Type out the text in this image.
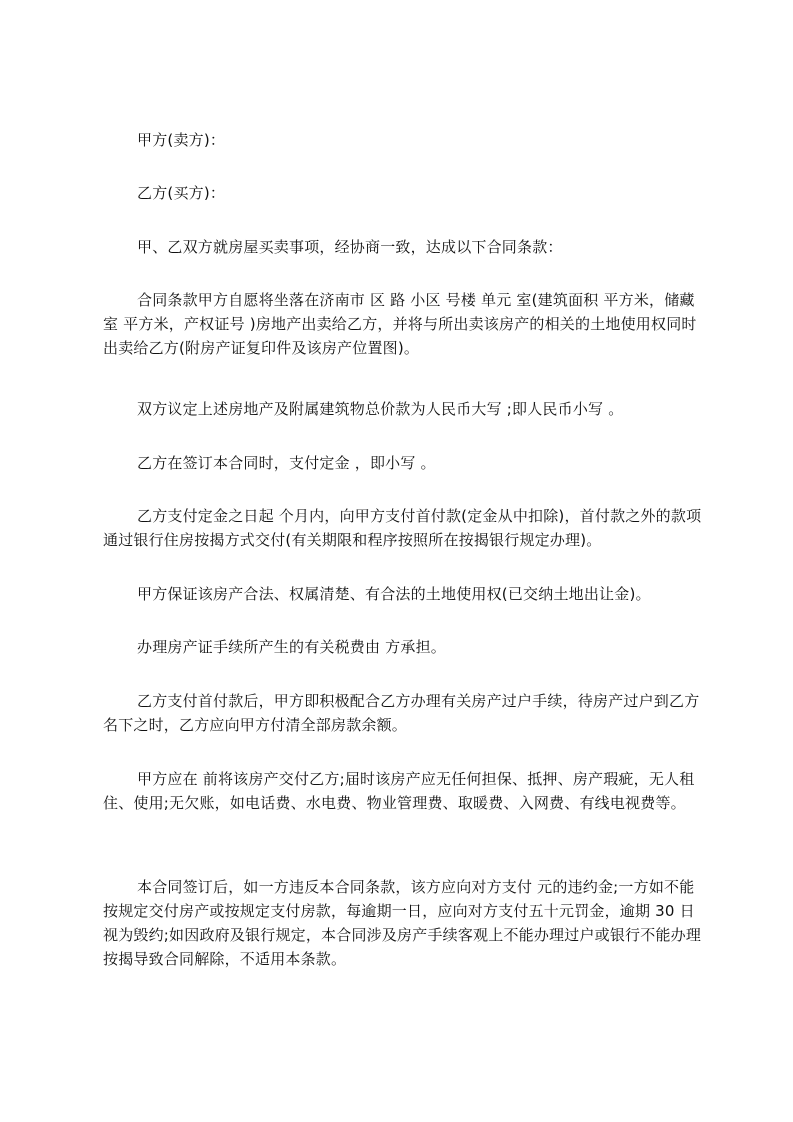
甲方(卖方)：

乙方(买方)：

甲、乙双方就房屋买卖事项，经协商一致，达成以下合同条款：

合同条款甲方自愿将坐落在济南市 区 路 小区 号楼 单元 室(建筑面积 平方米，储藏室 平方米，产权证号 )房地产出卖给乙方，并将与所出卖该房产的相关的土地使用权同时出卖给乙方(附房产证复印件及该房产位置图)。

双方议定上述房地产及附属建筑物总价款为人民币大写 ;即人民币小写 。

乙方在签订本合同时，支付定金 ，即小写 。

乙方支付定金之日起 个月内，向甲方支付首付款(定金从中扣除)，首付款之外的款项通过银行住房按揭方式交付(有关期限和程序按照所在按揭银行规定办理)。

甲方保证该房产合法、权属清楚、有合法的土地使用权(已交纳土地出让金)。

办理房产证手续所产生的有关税费由 方承担。

乙方支付首付款后，甲方即积极配合乙方办理有关房产过户手续，待房产过户到乙方名下之时，乙方应向甲方付清全部房款余额。

甲方应在 前将该房产交付乙方;届时该房产应无任何担保、抵押、房产瑕疵，无人租住、使用;无欠账，如电话费、水电费、物业管理费、取暖费、入网费、有线电视费等。

本合同签订后，如一方违反本合同条款，该方应向对方支付 元的违约金;一方如不能按规定交付房产或按规定支付房款，每逾期一日，应向对方支付五十元罚金，逾期 30 日视为毁约;如因政府及银行规定，本合同涉及房产手续客观上不能办理过户或银行不能办理按揭导致合同解除，不适用本条款。
